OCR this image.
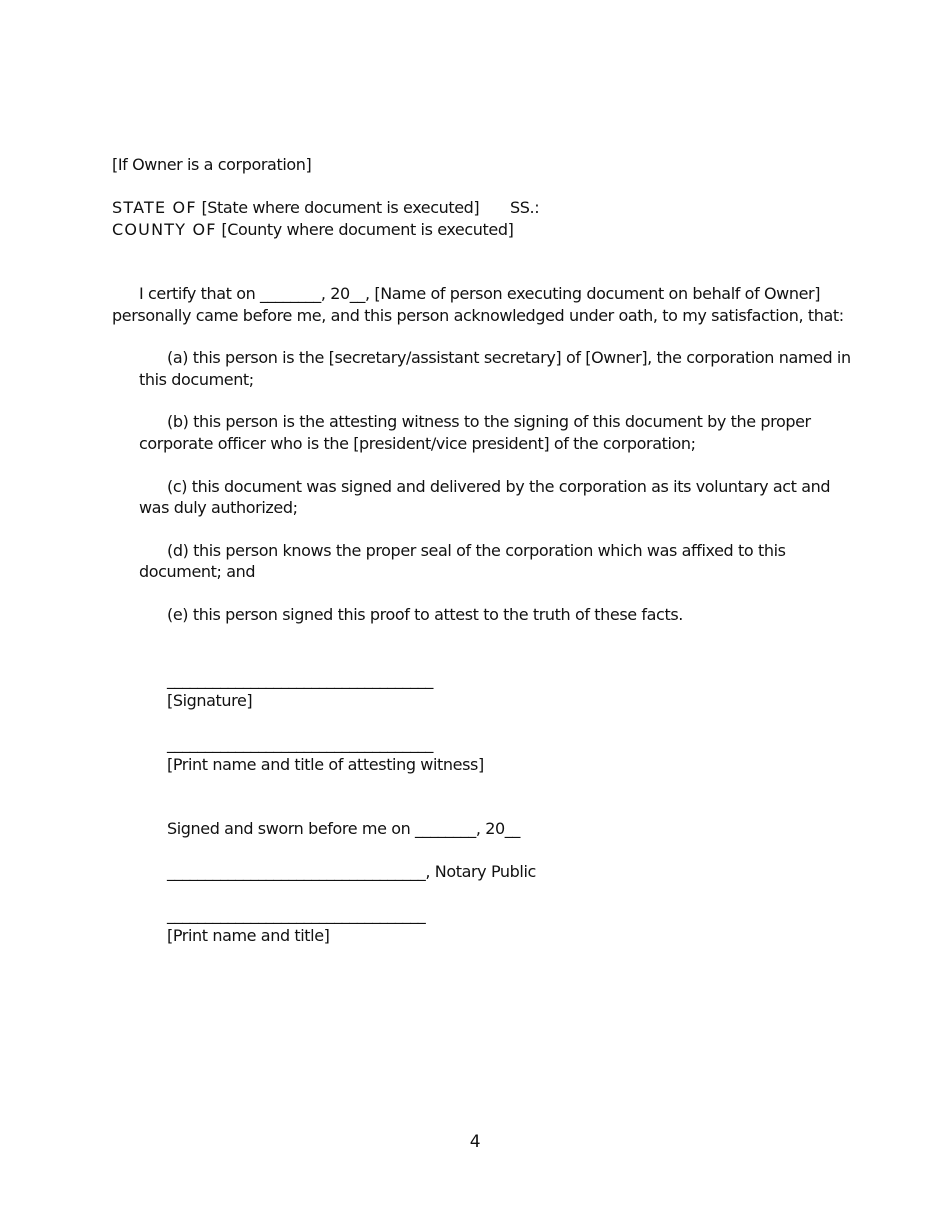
[If Owner is a corporation]
STATE OF [State where document is executed] SS.:
COUNTY OF [County where document is executed]
I certify that on ________, 20__, [Name of person executing document on behalf of Owner]
personally came before me, and this person acknowledged under oath, to my satisfaction, that:
(a) this person is the [secretary/assistant secretary] of [Owner], the corporation named in
this document;
(b) this person is the attesting witness to the signing of this document by the proper
corporate officer who is the [president/vice president] of the corporation;
(c) this document was signed and delivered by the corporation as its voluntary act and
was duly authorized;
(d) this person knows the proper seal of the corporation which was affixed to this
document; and
(e) this person signed this proof to attest to the truth of these facts.
___________________________________
[Signature]
___________________________________
[Print name and title of attesting witness]
Signed and sworn before me on ________, 20__
__________________________________, Notary Public
__________________________________
[Print name and title]
4
